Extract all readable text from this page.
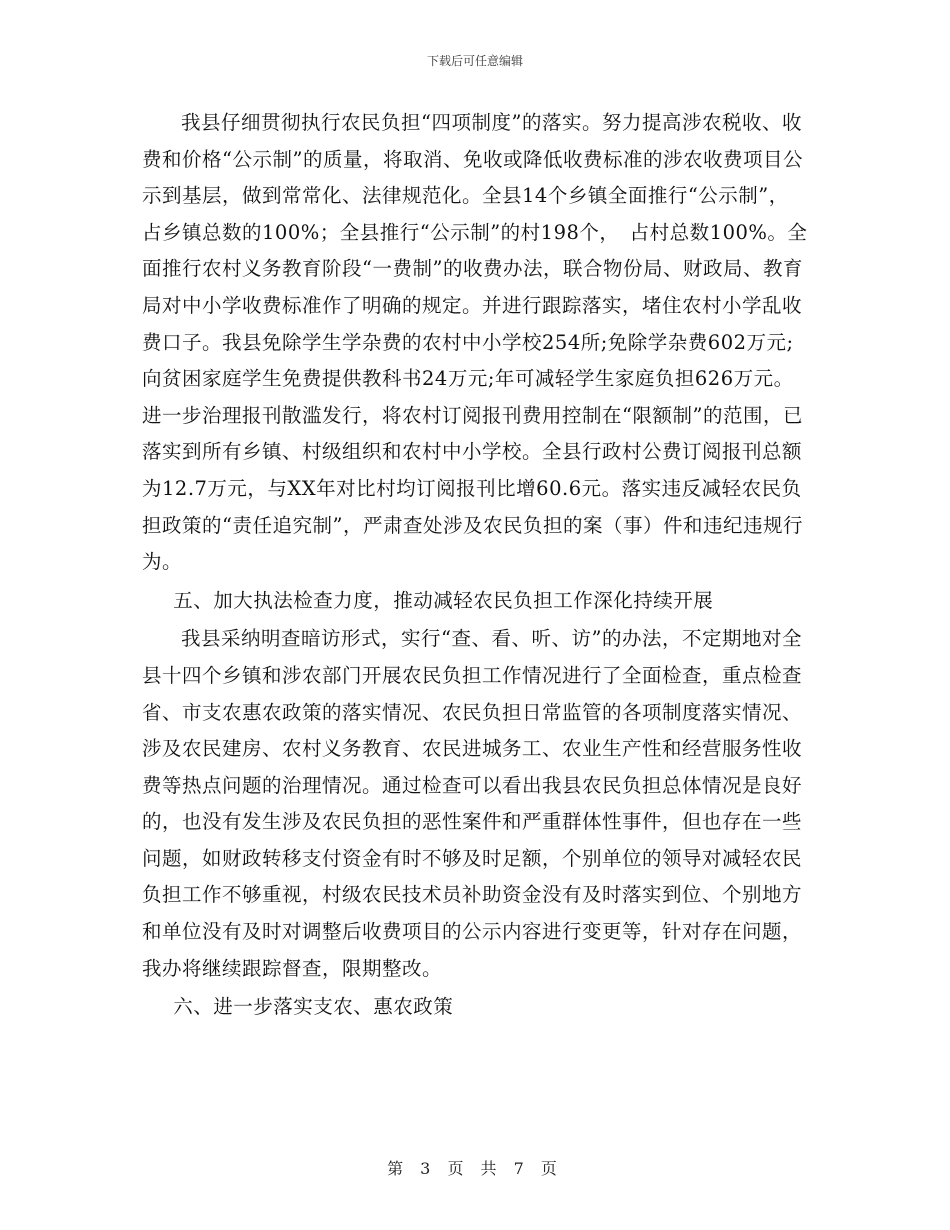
下载后可任意编辑

我县仔细贯彻执行农民负担“四项制度”的落实。努力提高涉农税收、收费和价格“公示制”的质量，将取消、免收或降低收费标准的涉农收费项目公示到基层，做到常常化、法律规范化。全县14个乡镇全面推行“公示制”，占乡镇总数的100%；全县推行“公示制”的村198个，　占村总数100%。全面推行农村义务教育阶段“一费制”的收费办法，联合物份局、财政局、教育局对中小学收费标准作了明确的规定。并进行跟踪落实，堵住农村小学乱收费口子。我县免除学生学杂费的农村中小学校254所;免除学杂费602万元;向贫困家庭学生免费提供教科书24万元;年可减轻学生家庭负担626万元。进一步治理报刊散滥发行，将农村订阅报刊费用控制在“限额制”的范围，已落实到所有乡镇、村级组织和农村中小学校。全县行政村公费订阅报刊总额为12.7万元，与XX年对比村均订阅报刊比增60.6元。落实违反减轻农民负担政策的“责任追究制”，严肃查处涉及农民负担的案（事）件和违纪违规行为。

五、加大执法检查力度，推动减轻农民负担工作深化持续开展

我县采纳明查暗访形式，实行“查、看、听、访”的办法，不定期地对全县十四个乡镇和涉农部门开展农民负担工作情况进行了全面检查，重点检查省、市支农惠农政策的落实情况、农民负担日常监管的各项制度落实情况、涉及农民建房、农村义务教育、农民进城务工、农业生产性和经营服务性收费等热点问题的治理情况。通过检查可以看出我县农民负担总体情况是良好的，也没有发生涉及农民负担的恶性案件和严重群体性事件，但也存在一些问题，如财政转移支付资金有时不够及时足额，个别单位的领导对减轻农民负担工作不够重视，村级农民技术员补助资金没有及时落实到位、个别地方和单位没有及时对调整后收费项目的公示内容进行变更等，针对存在问题，我办将继续跟踪督查，限期整改。

六、进一步落实支农、惠农政策

第 3 页 共 7 页
